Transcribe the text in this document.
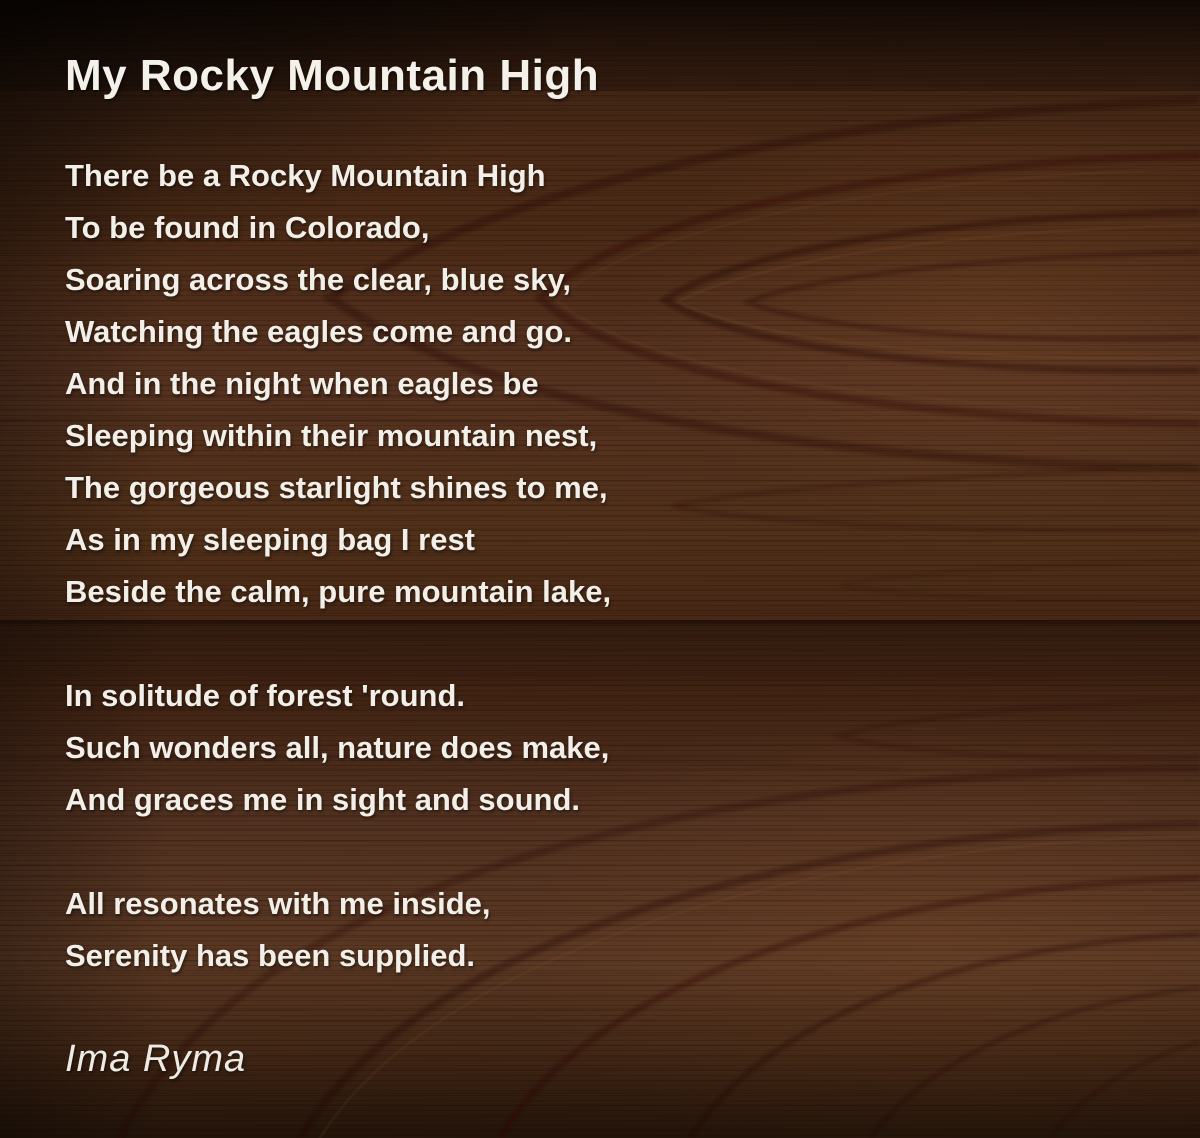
My Rocky Mountain High

There be a Rocky Mountain High

To be found in Colorado,

Soaring across the clear, blue sky,

Watching the eagles come and go.

And in the night when eagles be

Sleeping within their mountain nest,

The gorgeous starlight shines to me,

As in my sleeping bag I rest

Beside the calm, pure mountain lake,

In solitude of forest 'round.

Such wonders all, nature does make,

And graces me in sight and sound.

All resonates with me inside,

Serenity has been supplied.

Ima Ryma
